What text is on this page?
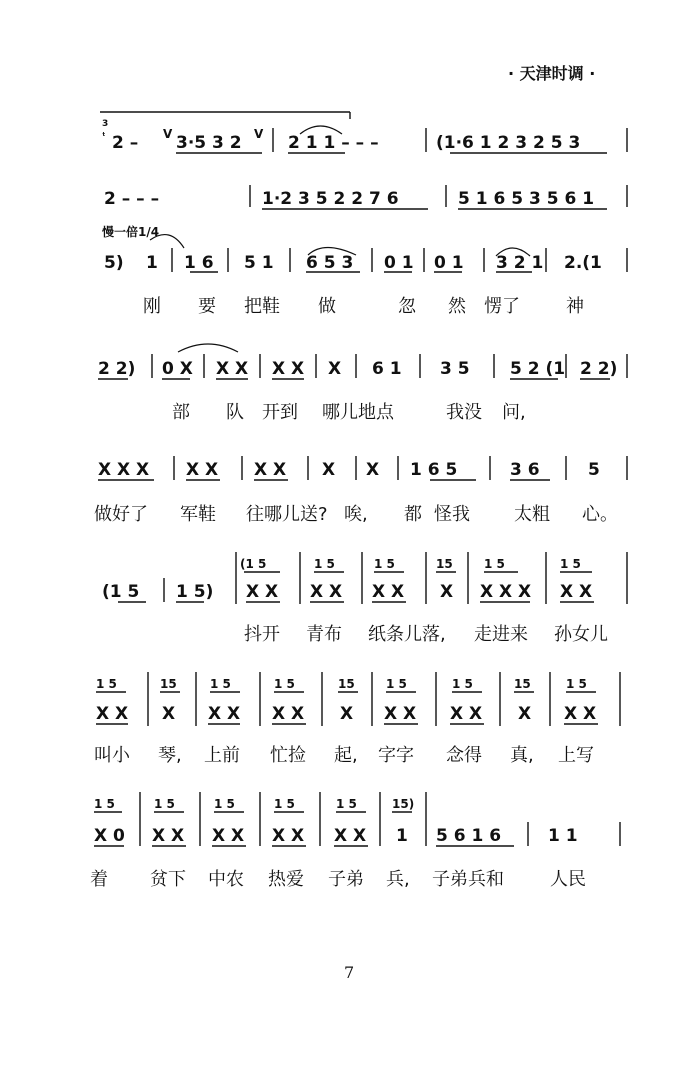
· 天津时调 ·
3
ₜ 2 – V 3·5 3 2 V 2 1 1 – – –	(1·6 1 2 3 2 5 3
2 – – –	1·2 3 5 2 2 7 6	5 1 6 5 3 5 6 1
慢一倍1/4
5) 1 1 6 5 1 6 5 3 0 1 0 1 3 2 1 2.(1
刚 要 把鞋 做	忽 然 愣了	神
2 2) 0 X X X X X X 6 1 3 5 5 2 (1 2 2)
部 队 开到 哪儿地点	我没 问,
X X X X X X X X X 1 6 5	3 6	5
做好了 军鞋 往哪儿送? 唉, 都 怪我 太粗 心。
(1 5	1 5	1 5	15	1 5	1 5
(1 5 1 5) X X X X X X X X X X X X
抖开 青布 纸条儿落, 走进来 孙女儿
1 5	15	1 5	1 5	15	1 5	1 5	15	1 5
X X X X X X X X X X X X X X X
叫小 琴, 上前 忙捡 起, 字字 念得 真, 上写
1 5	1 5	1 5	1 5	1 5	15)
X 0 X X X X X X X X 1 5 6 1 6	1 1
着 贫下 中农 热爱 子弟 兵, 子弟兵和	人民
7
